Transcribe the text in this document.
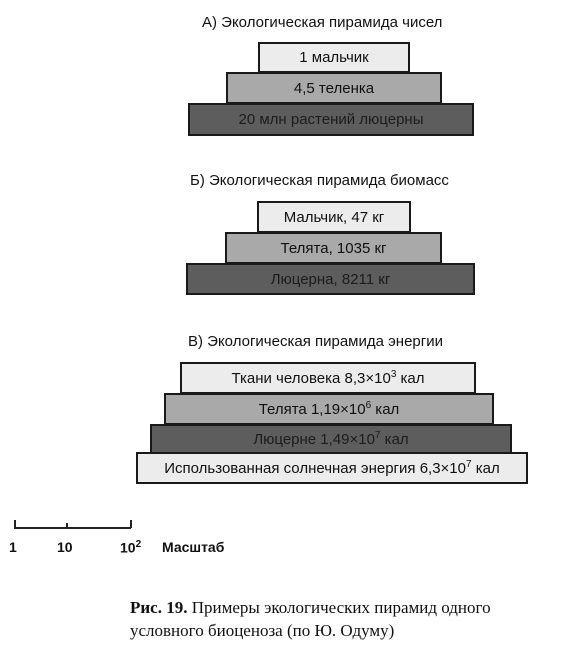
А) Экологическая пирамида чисел
1 мальчик
4,5 теленка
20 млн растений люцерны
Б) Экологическая пирамида биомасс
Мальчик, 47 кг
Телята, 1035 кг
Люцерна, 8211 кг
В) Экологическая пирамида энергии
Ткани человека $8,3\times 10^3$ кал
Телята $1,19\times 10^6$ кал
Люцерне $1,49\times 10^7$ кал
Использованная солнечная энергия $6,3\times 10^7$ кал
1	10	$10^2$ Масштаб
Рис. 19. Примеры экологических пирамид одного условного биоценоза (по Ю. Одуму)
